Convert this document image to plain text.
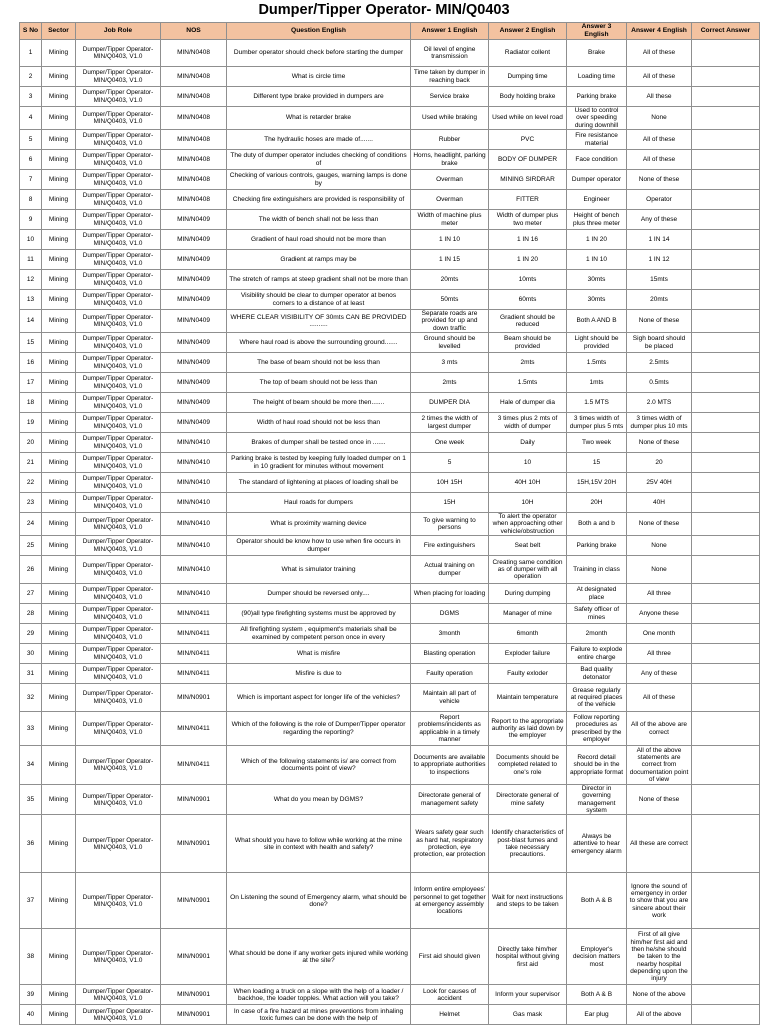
Dumper/Tipper Operator- MIN/Q0403
S No	Sector	Job Role	NOS	Question English	Answer 1 English	Answer 2 English	Answer 3 English	Answer 4 English	Correct Answer
1	Mining	Dumper/Tipper Operator-MIN/Q0403, V1.0	MIN/N0408	Dumber operator should check before starting the dumper	Oil level of engine transmission	Radiator collent	Brake	All of these	
2	Mining	Dumper/Tipper Operator-MIN/Q0403, V1.0	MIN/N0408	What is circle time	Time taken by dumper in reaching back	Dumping time	Loading time	All of these	
3	Mining	Dumper/Tipper Operator-MIN/Q0403, V1.0	MIN/N0408	Different type brake provided in dumpers are	Service brake	Body holding brake	Parking brake	All these	
4	Mining	Dumper/Tipper Operator-MIN/Q0403, V1.0	MIN/N0408	What is retarder brake	Used while braking	Used while on level road	Used to control over speeding during downhill	None	
5	Mining	Dumper/Tipper Operator-MIN/Q0403, V1.0	MIN/N0408	The hydraulic hoses are made of.......	Rubber	PVC	Fire resistance material	All of these	
6	Mining	Dumper/Tipper Operator-MIN/Q0403, V1.0	MIN/N0408	The duty of dumper operator includes checking of conditions of	Horns, headlight, parking brake	BODY OF DUMPER	Face condition	All of these	
7	Mining	Dumper/Tipper Operator-MIN/Q0403, V1.0	MIN/N0408	Checking of various controls, gauges, warning lamps is done by	Overman	MINING SIRDRAR	Dumper operator	None of these	
8	Mining	Dumper/Tipper Operator-MIN/Q0403, V1.0	MIN/N0408	Checking fire extinguishers are provided is responsibility of	Overman	FITTER	Engineer	Operator	
9	Mining	Dumper/Tipper Operator-MIN/Q0403, V1.0	MIN/N0409	The width of bench shall not be less than	Width of machine plus meter	Width of dumper plus two meter	Height of bench plus three meter	Any of these	
10	Mining	Dumper/Tipper Operator-MIN/Q0403, V1.0	MIN/N0409	Gradient of haul road should not be more than	1 IN 10	1 IN 16	1 IN 20	1 IN 14	
11	Mining	Dumper/Tipper Operator-MIN/Q0403, V1.0	MIN/N0409	Gradient at ramps may be	1 IN 15	1 IN 20	1 IN 10	1 IN 12	
12	Mining	Dumper/Tipper Operator-MIN/Q0403, V1.0	MIN/N0409	The stretch of ramps at steep gradient shall not be more than	20mts	10mts	30mts	15mts	
13	Mining	Dumper/Tipper Operator-MIN/Q0403, V1.0	MIN/N0409	Visibility should be clear to dumper operator at benos corners to a distance of at least	50mts	60mts	30mts	20mts	
14	Mining	Dumper/Tipper Operator-MIN/Q0403, V1.0	MIN/N0409	WHERE CLEAR VISIBILITY OF 30mts CAN BE PROVIDED ..........	Separate roads are provided for up and down traffic	Gradient should be reduced	Both A AND B	None of these	
15	Mining	Dumper/Tipper Operator-MIN/Q0403, V1.0	MIN/N0409	Where haul road is above the surrounding ground.......	Ground should be levelled	Beam should be provided	Light should be provided	Sigh board should be placed	
16	Mining	Dumper/Tipper Operator-MIN/Q0403, V1.0	MIN/N0409	The base of beam should not be less than	3 mts	2mts	1.5mts	2.5mts	
17	Mining	Dumper/Tipper Operator-MIN/Q0403, V1.0	MIN/N0409	The top of beam should not be less than	2mts	1.5mts	1mts	0.5mts	
18	Mining	Dumper/Tipper Operator-MIN/Q0403, V1.0	MIN/N0409	The height of beam should be more then.......	DUMPER DIA	Hale of dumper dia	1.5 MTS	2.0 MTS	
19	Mining	Dumper/Tipper Operator-MIN/Q0403, V1.0	MIN/N0409	Width of haul road should not be less than	2 times the width of largest dumper	3 times plus 2 mts of width of dumper	3 times width of dumper plus 5 mts	3 times width of dumper plus 10 mts	
20	Mining	Dumper/Tipper Operator-MIN/Q0403, V1.0	MIN/N0410	Brakes of dumper shall be tested once in .......	One week	Daily	Two week	None of these	
21	Mining	Dumper/Tipper Operator-MIN/Q0403, V1.0	MIN/N0410	Parking brake is tested by keeping fully loaded dumper on 1 in 10 gradient for minutes without movement	5	10	15	20	
22	Mining	Dumper/Tipper Operator-MIN/Q0403, V1.0	MIN/N0410	The standard of lightening at places of loading shall be	10H 15H	40H 10H	15H,15V 20H	25V 40H	
23	Mining	Dumper/Tipper Operator-MIN/Q0403, V1.0	MIN/N0410	Haul roads for dumpers	15H	10H	20H	40H	
24	Mining	Dumper/Tipper Operator-MIN/Q0403, V1.0	MIN/N0410	What is proximity warning device	To give warning to persons	To alert the operator when approaching other vehicle/obstruction	Both a and b	None of these	
25	Mining	Dumper/Tipper Operator-MIN/Q0403, V1.0	MIN/N0410	Operator should be know how to use when fire occurs in dumper	Fire extinguishers	Seat belt	Parking brake	None	
26	Mining	Dumper/Tipper Operator-MIN/Q0403, V1.0	MIN/N0410	What is simulator training	Actual training on dumper	Creating same condition as of dumper with all operation	Training in class	None	
27	Mining	Dumper/Tipper Operator-MIN/Q0403, V1.0	MIN/N0410	Dumper should be reversed only....	When placing for loading	During dumping	At designated place	All three	
28	Mining	Dumper/Tipper Operator-MIN/Q0403, V1.0	MIN/N0411	(90)all type firefighting systems must be approved by	DGMS	Manager of mine	Safety officer of mines	Anyone these	
29	Mining	Dumper/Tipper Operator-MIN/Q0403, V1.0	MIN/N0411	All firefighting system , equipment's materials shall be examined by competent person once in every	3month	6month	2month	One month	
30	Mining	Dumper/Tipper Operator-MIN/Q0403, V1.0	MIN/N0411	What is misfire	Blasting operation	Exploder failure	Failure to explode entire charge	All three	
31	Mining	Dumper/Tipper Operator-MIN/Q0403, V1.0	MIN/N0411	Misfire is due to	Faulty operation	Faulty exloder	Bad quality detonator	Any of these	
32	Mining	Dumper/Tipper Operator-MIN/Q0403, V1.0	MIN/N0901	Which is important aspect for longer life of the vehicles?	Maintain all part of vehicle	Maintain temperature	Grease regularly at required places of the vehicle	All of these	
33	Mining	Dumper/Tipper Operator-MIN/Q0403, V1.0	MIN/N0411	Which of the following is the role of Dumper/Tipper operator regarding the reporting?	Report problems/incidents as applicable in a timely manner	Report to the appropriate authority as laid down by the employer	Follow reporting procedures as prescribed by the employer	All of the above are correct	
34	Mining	Dumper/Tipper Operator-MIN/Q0403, V1.0	MIN/N0411	Which of the following statements is/ are correct from documents point of view?	Documents are available to appropriate authorities to inspections	Documents should be completed related to one's role	Record detail should be in the appropriate format	All of the above statements are correct from documentation point of view	
35	Mining	Dumper/Tipper Operator-MIN/Q0403, V1.0	MIN/N0901	What do you mean by DGMS?	Directorate general of management safety	Directorate general of mine safety	Director in governing management system	None of these	
36	Mining	Dumper/Tipper Operator-MIN/Q0403, V1.0	MIN/N0901	What should you have to follow while working at the mine site in context with health and safety?	Wears safety gear such as hard hat, respiratory protection, eye protection, ear protection	Identify characteristics of post-blast fumes and take necessary precautions.	Always be attentive to hear emergency alarm	All these are correct	
37	Mining	Dumper/Tipper Operator-MIN/Q0403, V1.0	MIN/N0901	On Listening the sound of Emergency alarm, what should be done?	Inform entire employees' personnel to get together at emergency assembly locations	Wait for next instructions and steps to be taken	Both A & B	Ignore the sound of emergency in order to show that you are sincere about their work	
38	Mining	Dumper/Tipper Operator-MIN/Q0403, V1.0	MIN/N0901	What should be done if any worker gets injured while working at the site?	First aid should given	Directly take him/her hospital without giving first aid	Employer's decision matters most	First of all give him/her first aid and then he/she should be taken to the nearby hospital depending upon the injury	
39	Mining	Dumper/Tipper Operator-MIN/Q0403, V1.0	MIN/N0901	When loading a truck on a slope with the help of a loader / backhoe, the loader topples. What action will you take?	Look for causes of accident	Inform your supervisor	Both A & B	None of the above	
40	Mining	Dumper/Tipper Operator-MIN/Q0403, V1.0	MIN/N0901	In case of a fire hazard at mines preventions from inhaling toxic fumes can be done with the help of	Helmet	Gas mask	Ear plug	All of the above	
